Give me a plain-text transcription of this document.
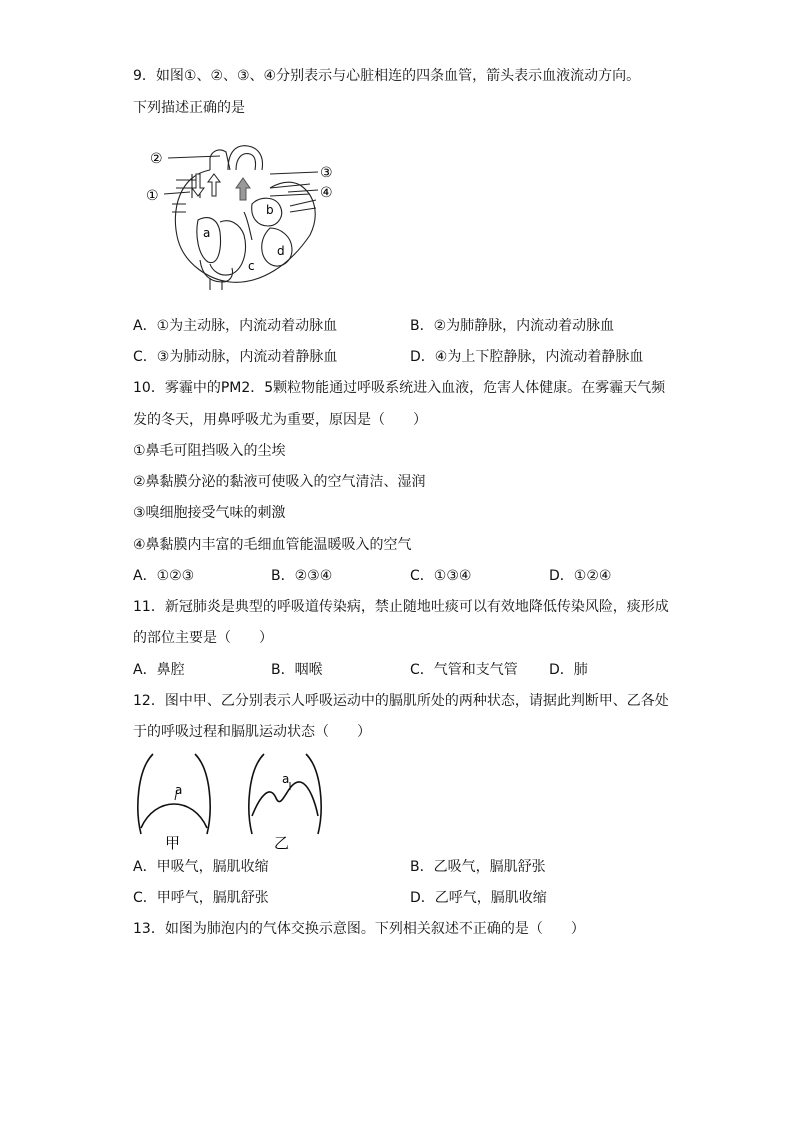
9．如图①、②、③、④分别表示与心脏相连的四条血管，箭头表示血液流动方向。
下列描述正确的是
②
①
③
④
a
b
c
d
A．①为主动脉，内流动着动脉血	B．②为肺静脉，内流动着动脉血
C．③为肺动脉，内流动着静脉血	D．④为上下腔静脉，内流动着静脉血
10．雾霾中的PM2．5颗粒物能通过呼吸系统进入血液，危害人体健康。在雾霾天气频
发的冬天，用鼻呼吸尤为重要，原因是（　　）
①鼻毛可阻挡吸入的尘埃
②鼻黏膜分泌的黏液可使吸入的空气清洁、湿润
③嗅细胞接受气味的刺激
④鼻黏膜内丰富的毛细血管能温暖吸入的空气
A．①②③	B．②③④	C．①③④	D．①②④
11．新冠肺炎是典型的呼吸道传染病，禁止随地吐痰可以有效地降低传染风险，痰形成
的部位主要是（　　）
A．鼻腔	B．咽喉	C．气管和支气管 D．肺
12．图中甲、乙分别表示人呼吸运动中的膈肌所处的两种状态，请据此判断甲、乙各处
于的呼吸过程和膈肌运动状态（　　）
a
甲
a
乙
A．甲吸气，膈肌收缩	B．乙吸气，膈肌舒张
C．甲呼气，膈肌舒张	D．乙呼气，膈肌收缩
13．如图为肺泡内的气体交换示意图。下列相关叙述不正确的是（　　）
